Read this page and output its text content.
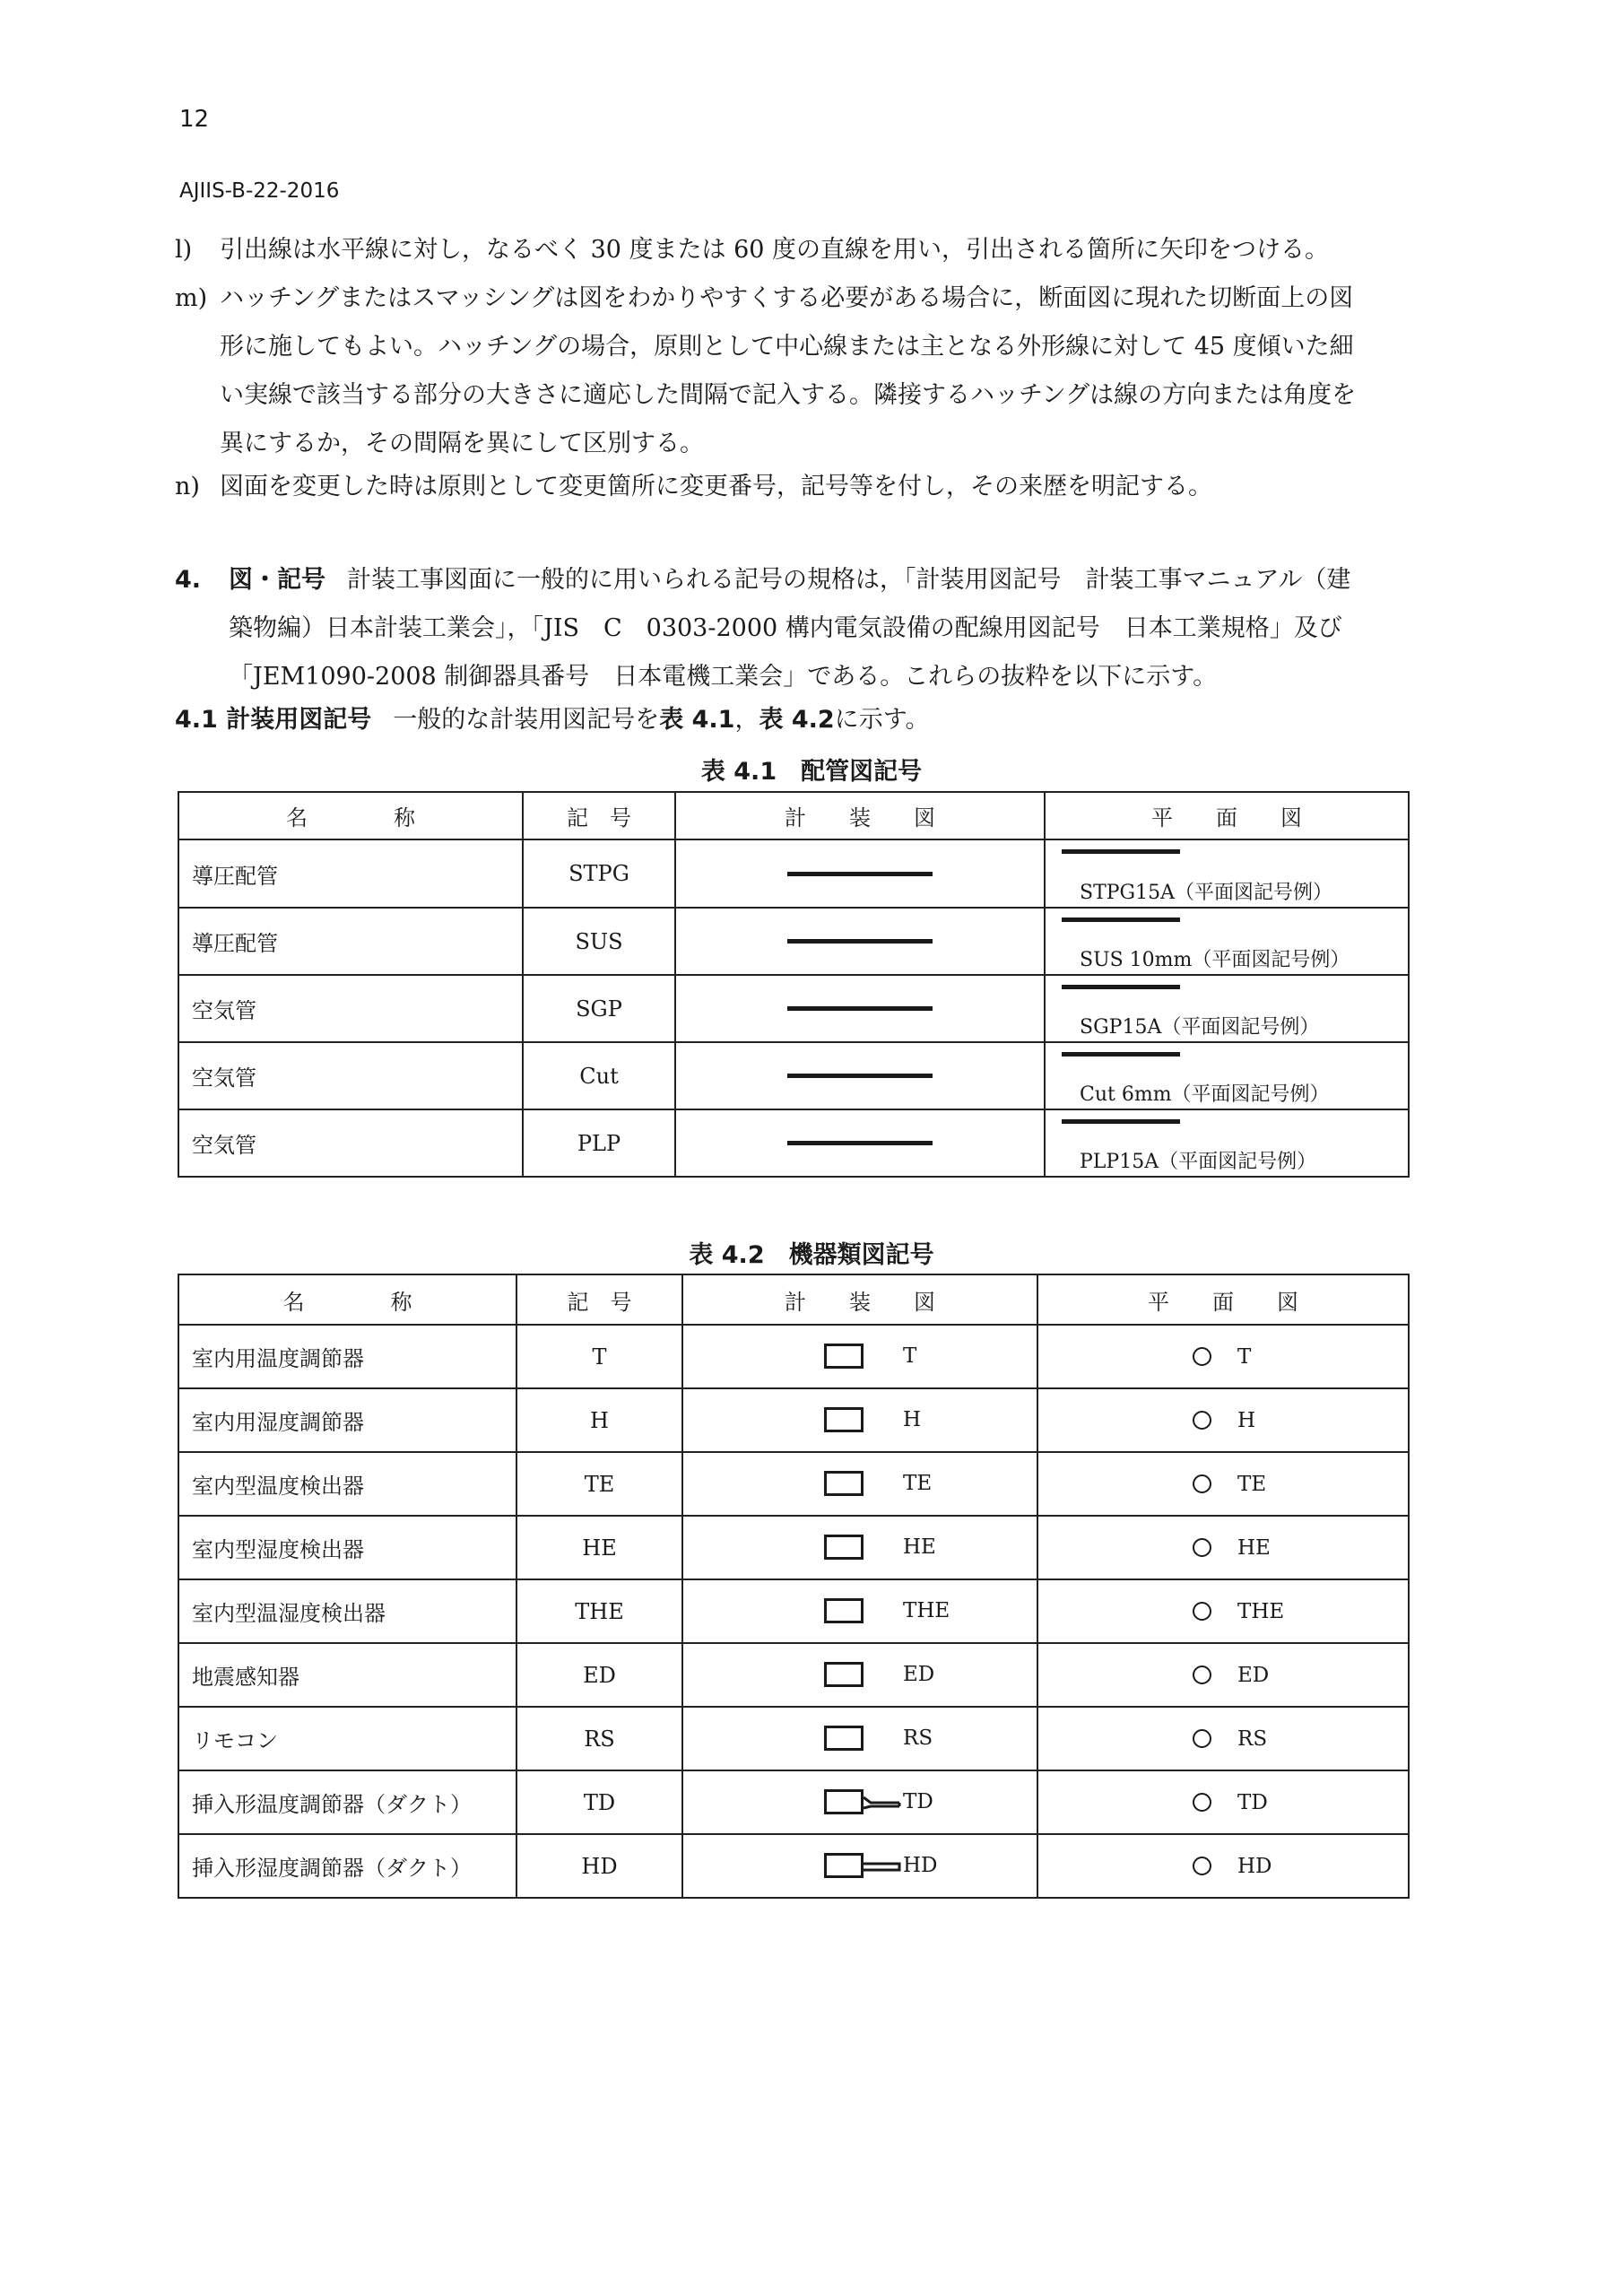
12
AJIIS-B-22-2016
l) 引出線は水平線に対し，なるべく 30 度または 60 度の直線を用い，引出される箇所に矢印をつける。
m) ハッチングまたはスマッシングは図をわかりやすくする必要がある場合に，断面図に現れた切断面上の図
形に施してもよい。ハッチングの場合，原則として中心線または主となる外形線に対して 45 度傾いた細
い実線で該当する部分の大きさに適応した間隔で記入する。隣接するハッチングは線の方向または角度を
異にするか，その間隔を異にして区別する。
n) 図面を変更した時は原則として変更箇所に変更番号，記号等を付し，その来歴を明記する。
4. 図・記号 計装工事図面に一般的に用いられる記号の規格は，「計装用図記号　計装工事マニュアル（建
築物編）日本計装工業会」，「JIS　C　0303-2000 構内電気設備の配線用図記号　日本工業規格」及び
「JEM1090-2008 制御器具番号　日本電機工業会」である。これらの抜粋を以下に示す。
4.1 計装用図記号 一般的な計装用図記号を表 4.1，表 4.2に示す。
表 4.1　配管図記号
名　　　　称	記　号	計　　装　　図	平　　面　　図
導圧配管	STPG		STPG15A（平面図記号例）

導圧配管	SUS		SUS 10mm（平面図記号例）

空気管	SGP		SGP15A（平面図記号例）

空気管	Cut		Cut 6mm（平面図記号例）

空気管	PLP		PLP15A（平面図記号例）
表 4.2　機器類図記号
名　　　　称	記　号	計　　装　　図	平　　面　　図
室内用温度調節器	T	T	T

室内用湿度調節器	H	H	H

室内型温度検出器	TE	TE	TE

室内型湿度検出器	HE	HE	HE

室内型温湿度検出器	THE	THE	THE

地震感知器	ED	ED	ED

リモコン	RS	RS	RS

挿入形温度調節器（ダクト）	TD	TD	TD

挿入形湿度調節器（ダクト）	HD	HD	HD
